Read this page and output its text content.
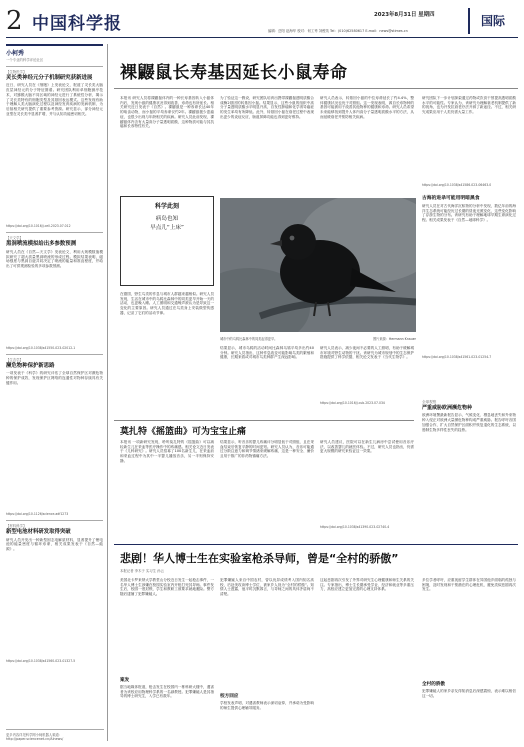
2 中国科学报	2023年8月31日 星期四
编辑：岳阳 赵海华 校对：何工秀 刘俊英 Tel：(010)62580617 E-mail：news@stimes.cn
国际
小柯秀
一个专业的科学评论社区
【生物医学】
灵长类神经元分子机制研究获新进展
近日，研究人员在《细胞》上发表论文，报道了灵长类大脑皮层神经元的分子特征图谱。研究团队利用单细胞测序技术，对猕猴大脑不同区域的神经元进行了系统性分析，揭示了灵长类特有的细胞类型及其基因表达模式。这些发现有助于理解人类大脑演化过程以及神经发育疾病的发病机制，为后续相关研究提供了重要参考资源。研究显示，部分神经元亚型在灵长类中显著扩增，并与认知功能密切相关。
https://doi.org/10.1016/j.cell.2023.07.012
【天文学】
黑洞喷流模拟给出多参数预测
研究人员在《自然—天文学》发表论文，利用大规模数值模拟研究了超大质量黑洞喷流的形成过程。模拟结果表明，磁场强度与黑洞自旋共同决定了喷流的能量和准直程度，并给出了可供观测检验的多项参数预测。
https://doi.org/10.1038/s41550-023-02012-1
【生态学】
濒危物种保护新思路
一项发表于《科学》的研究评估了全球自然保护区对濒危物种的保护成效，发现保护区网络的连通性对物种存续具有关键作用。
https://doi.org/10.1126/science.adf1273
【材料科学】
新型电池材料研发取得突破
研究人员开发出一种新型固态电解质材料，显著提升了锂电池的能量密度与循环寿命，相关成果发表于《自然—能源》。
https://doi.org/10.1038/s41560-023-01327-5
更多内容详见科学网小柯机器人频道：http://paper.sciencenet.cn/AInews/
裸鼹鼠长寿基因延长小鼠寿命
本报讯 研究人员将裸鼹鼠体内的一种长寿基因转入小鼠体内后，发现小鼠的健康状况得到改善，寿命也有所延长。相关研究近日发表于《自然》。裸鼹鼠是一种寿命长达40年的啮齿动物，而小鼠的平均寿命仅约2年。裸鼹鼠极少患癌症，也很少出现与年龄相关的疾病。研究人员此前发现，裸鼹鼠体内含有大量高分子量透明质酸，这种物质可能与其抗癌和长寿特性有关。
为了验证这一假设，研究团队培育出携带裸鼹鼠透明质酸合成酶2基因的转基因小鼠。结果显示，这些小鼠的组织中高分子量透明质酸水平明显升高，自发性肿瘤和化学诱导癌症的发生率均有所降低。此外，转基因小鼠在衰老过程中表现出更少的炎症反应，肠道屏障功能也得到更好维持。
研究人员表示，转基因小鼠的中位寿命延长了约4.4%，整体健康状况也优于对照组。这一发现表明，源自长寿物种的基因可能被用于改善其他物种的健康和寿命。研究人员希望未来能够找到提升人体内高分子量透明质酸水平的方法，从而延缓衰老并预防相关疾病。
研究团队下一步计划探索通过药物或饮食干预提高透明质酸水平的可能性。专家认为，该研究为理解衰老机制提供了新的视角，也为开发抗衰老疗法开辟了新途径。不过，相关研究成果应用于人类仍需大量工作。
https://doi.org/10.1038/s41586-023-06463-0
科学此刻
病岛也知
早点儿“上床”
在德国，野生鸟类的作息与城市人群越来越相似。研究人员发现，生活在城市中的乌鸫比森林中的同类更早开始一天的活动，也更晚入睡。人工照明和交通噪声被认为是导致这一变化的主要原因。研究人员通过在鸟类身上安装微型传感器，记录了它们的活动节律。
城市中的乌鸫比森林中的同类起得更早。	图片来源：Hermann Knauer
结果显示，城市乌鸫的活动时间比森林乌鸫平均多出约40分钟。研究人员指出，这种作息改变可能影响鸟类的繁殖和健康，长期来看或对城市鸟类种群产生深远影响。
研究人员表示，减少夜间不必要的人工照明，有助于缓解城市环境对野生动物的干扰。该研究为城市规划中的生态保护措施提供了科学依据，相关论文发表于《当代生物学》。
https://doi.org/10.1016/j.cub.2023.07.034
古海的进录可能用明暗黑食
研究人员在对古代海洋沉积物的分析中发现，数亿年前的海洋生态系统可能经历过长期的昼夜光照变化，这些变化影响了浮游生物的分布。该研究有助于理解地球早期生命演化过程。相关成果发表于《自然—地球科学》。
https://doi.org/10.1038/s41561-023-01254-7
莫扎特《摇篮曲》可为宝宝止痛
本报讯 一项新研究发现，聆听莫扎特的《摇篮曲》可以减轻新生儿在采血等医疗操作中的疼痛感。相关论文近日发表于《儿科研究》。研究人员招募了100名新生儿，在采血前和采血过程中为其中一半婴儿播放音乐，另一半则保持安静。
结果显示，听音乐的婴儿疼痛评分明显低于对照组，且在采血结束后恢复平静的时间更短。研究人员认为，音乐可能通过分散注意力和调节情绪来缓解疼痛，这是一种安全、廉价且易于推广的非药物镇痛方法。
研究人员建议，医院可以在新生儿病房中尝试使用音乐疗法，以改善婴儿的就医体验。不过，研究人员也指出，仍需更大规模的研究来验证这一效果。
https://doi.org/10.1038/s41390-023-02740-4
全球观察
严重威胁欧洲濒危物种
欧洲环境署最新报告显示，气候变化、栖息地丧失和外来物种入侵正对欧洲大量濒危物种构成严重威胁。报告呼吁各国加强合作，扩大自然保护区面积并恢复退化的生态系统，以遏制生物多样性丧失的趋势。
悲剧！华人博士生在实验室枪杀导师，曾是“全村的骄傲”
本报记者 李木子 实习生 孙云
美国北卡罗来纳大学教堂山分校近日发生一起枪击事件，一名华人博士生涉嫌在校园实验室内开枪打死其导师。事件发生后，校园一度封锁，学生和教职工被要求就地避险。警方随后逮捕了犯罪嫌疑人。
案发
据当地媒体报道，枪击发生在校园内一栋科研大楼中，遇害者为该校应用物理科学系的一名副教授。犯罪嫌疑人是其指导的博士研究生，入学已有数年。
犯罪嫌疑人来自中国农村，曾以优异成绩考入国内知名高校，后赴美攻读博士学位，被家乡人视为“全村的骄傲”。知情人士透露，他平时沉默寡言，与导师之间的具体矛盾尚不清楚。
校方回应
学校发表声明，对遇害教师表示深切哀悼，并承诺为受影响的师生提供心理辅导服务。
这起悲剧再次引发了外界对研究生心理健康和师生关系的关注。专家指出，博士生长期承受学业、经济和就业等多重压力，高校应建立更加完善的心理支持体系。
多位学者呼吁，应重视留学生群体在异国他乡面临的孤独与困境，及时发现和干预潜在的心理危机，避免类似悲剧再次发生。
全村的骄傲
犯罪嫌疑人的家乡亲友得知消息后深感震惊，表示难以相信这一切。
